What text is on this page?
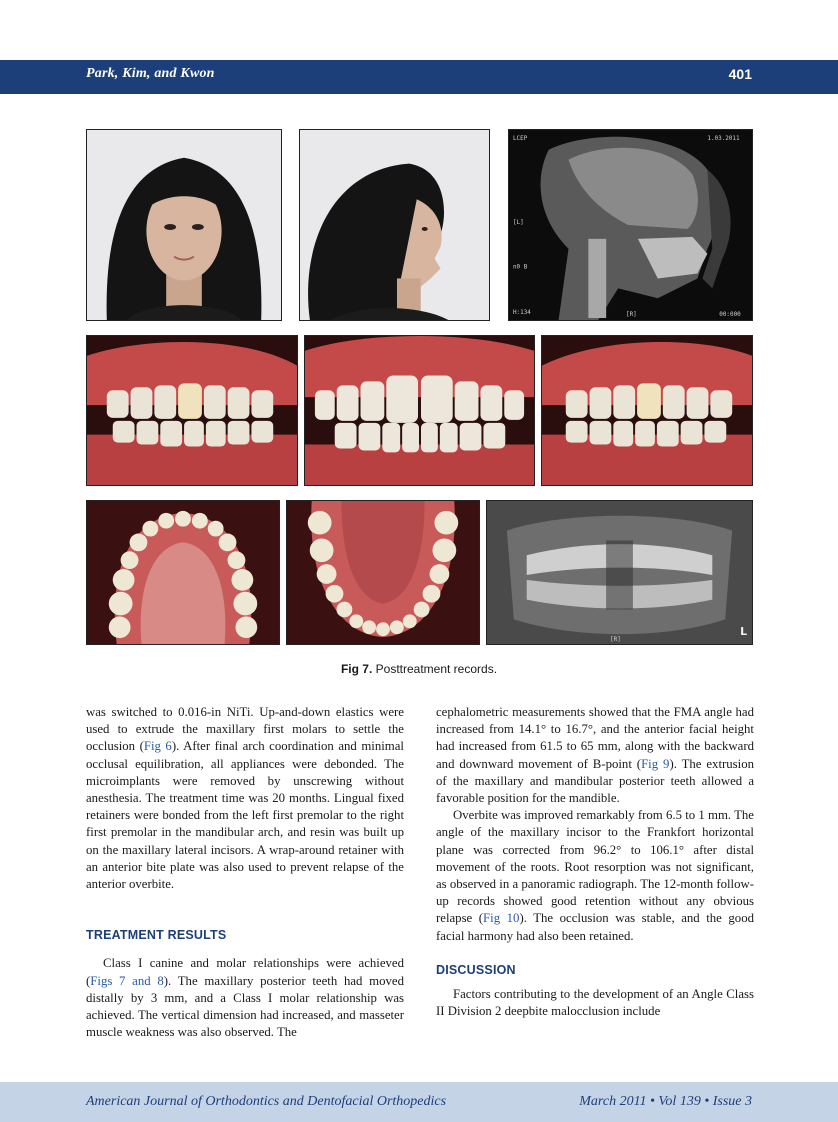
Park, Kim, and Kwon	401
LCEP	1.03.2011
[L]
n0 B
H:134	[R]	00:000
L
[R]
Fig 7. Posttreatment records.

was switched to 0.016-in NiTi. Up-and-down elastics were used to extrude the maxillary first molars to settle the occlusion (Fig 6). After final arch coordination and minimal occlusal equilibration, all appliances were debonded. The microimplants were removed by unscrewing without anesthesia. The treatment time was 20 months. Lingual fixed retainers were bonded from the left first premolar to the right first premolar in the mandibular arch, and resin was built up on the maxillary lateral incisors. A wrap-around retainer with an anterior bite plate was also used to prevent relapse of the anterior overbite.

TREATMENT RESULTS

Class I canine and molar relationships were achieved (Figs 7 and 8). The maxillary posterior teeth had moved distally by 3 mm, and a Class I molar relationship was achieved. The vertical dimension had increased, and masseter muscle weakness was also observed. The

cephalometric measurements showed that the FMA angle had increased from 14.1° to 16.7°, and the anterior facial height had increased from 61.5 to 65 mm, along with the backward and downward movement of B-point (Fig 9). The extrusion of the maxillary and mandibular posterior teeth allowed a favorable position for the mandible.

Overbite was improved remarkably from 6.5 to 1 mm. The angle of the maxillary incisor to the Frankfort horizontal plane was corrected from 96.2° to 106.1° after distal movement of the roots. Root resorption was not significant, as observed in a panoramic radiograph. The 12-month follow-up records showed good retention without any obvious relapse (Fig 10). The occlusion was stable, and the good facial harmony had also been retained.

DISCUSSION

Factors contributing to the development of an Angle Class II Division 2 deepbite malocclusion include

American Journal of Orthodontics and Dentofacial Orthopedics	March 2011 • Vol 139 • Issue 3
